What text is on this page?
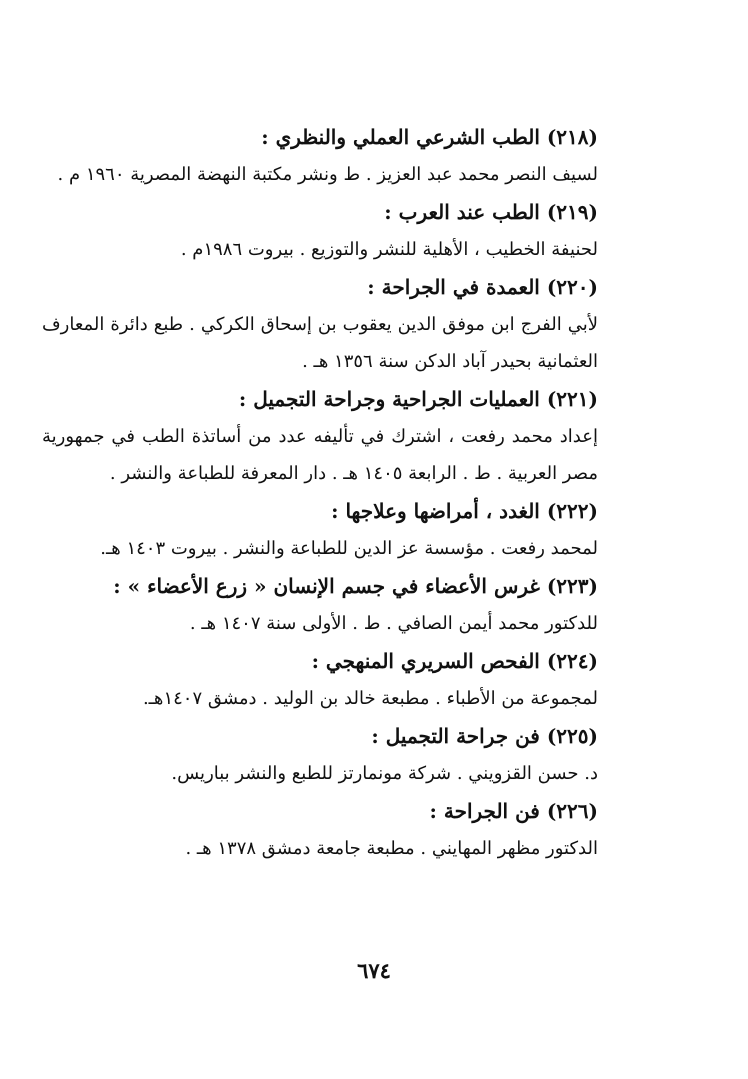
(٢١٨) الطب الشرعي العملي والنظري :
لسيف النصر محمد عبد العزيز . ط ونشر مكتبة النهضة المصرية ١٩٦٠ م .
(٢١٩) الطب عند العرب :
لحنيفة الخطيب ، الأهلية للنشر والتوزيع . بيروت ١٩٨٦م .
(٢٢٠) العمدة في الجراحة :
لأبي الفرج ابن موفق الدين يعقوب بن إسحاق الكركي . طبع دائرة المعارف العثمانية بحيدر آباد الدكن سنة ١٣٥٦ هـ .
(٢٢١) العمليات الجراحية وجراحة التجميل :
إعداد محمد رفعت ، اشترك في تأليفه عدد من أساتذة الطب في جمهورية مصر العربية . ط . الرابعة ١٤٠٥ هـ . دار المعرفة للطباعة والنشر .
(٢٢٢) الغدد ، أمراضها وعلاجها :
لمحمد رفعت . مؤسسة عز الدين للطباعة والنشر . بيروت ١٤٠٣ هـ.
(٢٢٣) غرس الأعضاء في جسم الإنسان « زرع الأعضاء » :
للدكتور محمد أيمن الصافي . ط . الأولى سنة ١٤٠٧ هـ .
(٢٢٤) الفحص السريري المنهجي :
لمجموعة من الأطباء . مطبعة خالد بن الوليد . دمشق ١٤٠٧هـ.
(٢٢٥) فن جراحة التجميل :
د. حسن القزويني . شركة مونمارتز للطبع والنشر بباريس.
(٢٢٦) فن الجراحة :
الدكتور مظهر المهايني . مطبعة جامعة دمشق ١٣٧٨ هـ .
٦٧٤
